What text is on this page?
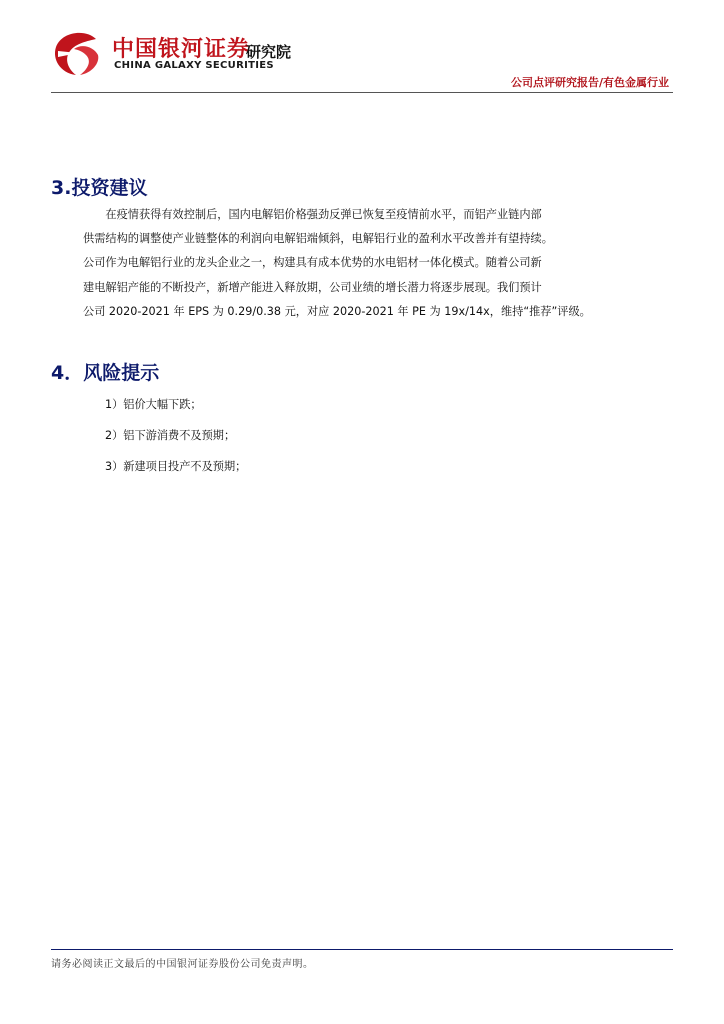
中国银河证券
CHINA GALAXY SECURITIES
研究院
公司点评研究报告/有色金属行业
3.投资建议
　　在疫情获得有效控制后，国内电解铝价格强劲反弹已恢复至疫情前水平，而铝产业链内部
供需结构的调整使产业链整体的利润向电解铝端倾斜，电解铝行业的盈利水平改善并有望持续。
公司作为电解铝行业的龙头企业之一，构建具有成本优势的水电铝材一体化模式。随着公司新
建电解铝产能的不断投产，新增产能进入释放期，公司业绩的增长潜力将逐步展现。我们预计
公司 2020-2021 年 EPS 为 0.29/0.38 元，对应 2020-2021 年 PE 为 19x/14x，维持“推荐”评级。
4．风险提示
1）铝价大幅下跌；
2）铝下游消费不及预期；
3）新建项目投产不及预期；
请务必阅读正文最后的中国银河证券股份公司免责声明。
